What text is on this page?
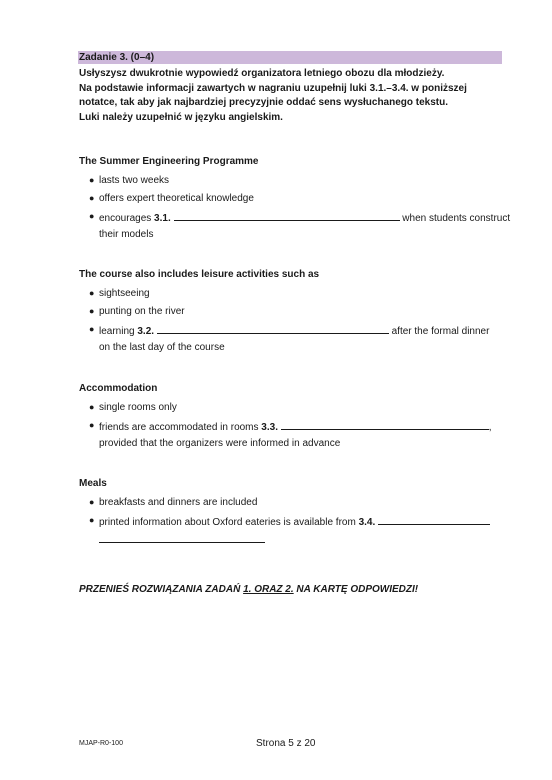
Zadanie 3. (0–4)
Usłyszysz dwukrotnie wypowiedź organizatora letniego obozu dla młodzieży.
Na podstawie informacji zawartych w nagraniu uzupełnij luki 3.1.–3.4. w poniższej
notatce, tak aby jak najbardziej precyzyjnie oddać sens wysłuchanego tekstu.
Luki należy uzupełnić w języku angielskim.
The Summer Engineering Programme
● lasts two weeks
● offers expert theoretical knowledge
● encourages 3.1.	when students construct
their models
The course also includes leisure activities such as
● sightseeing
● punting on the river
● learning 3.2.	after the formal dinner
on the last day of the course
Accommodation
● single rooms only
● friends are accommodated in rooms 3.3.	,
provided that the organizers were informed in advance
Meals
● breakfasts and dinners are included
● printed information about Oxford eateries is available from 3.4.
PRZENIEŚ ROZWIĄZANIA ZADAŃ 1. ORAZ 2. NA KARTĘ ODPOWIEDZI!
MJAP-R0-100	Strona 5 z 20
